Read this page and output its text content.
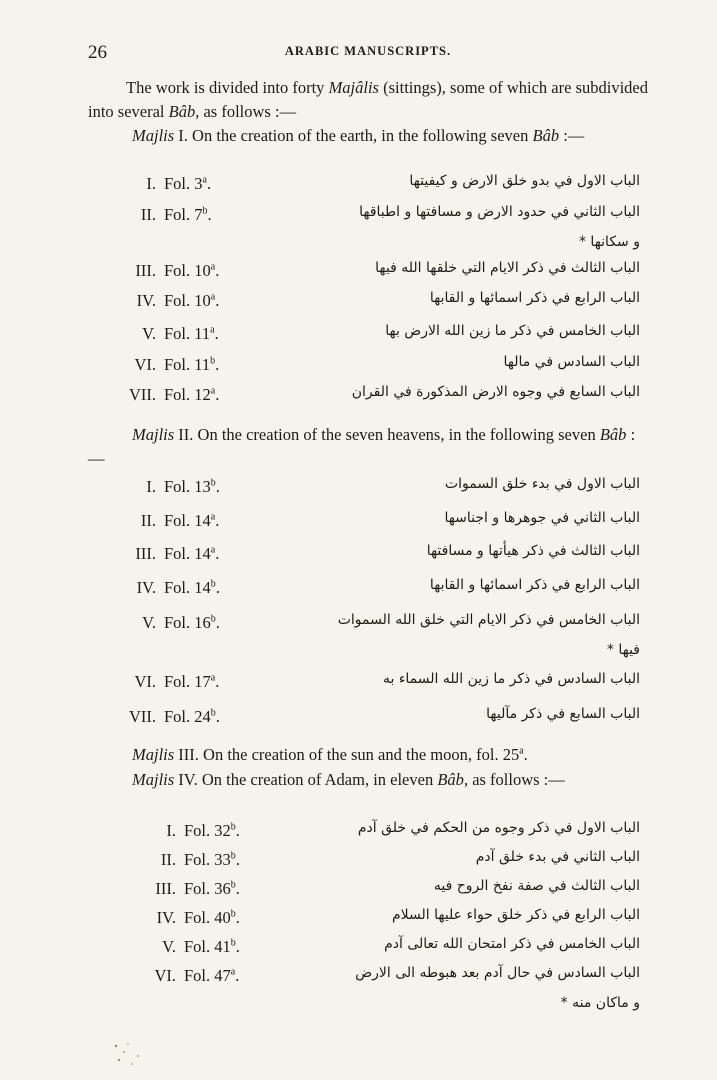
26	ARABIC MANUSCRIPTS.

The work is divided into forty Majâlis (sittings), some of which are subdivided into several Bâb, as follows :—

Majlis I. On the creation of the earth, in the following seven Bâb :—

I. Fol. 3$^a$.	الباب الاول في بدو خلق الارض و كيفيتها
II. Fol. 7$^b$.	الباب الثاني في حدود الارض و مسافتها و اطباقها
و سكانها *
III. Fol. 10$^a$.	الباب الثالث في ذكر الايام التي خلقها الله فيها
IV. Fol. 10$^a$.	الباب الرابع في ذكر اسمائها و القابها
V. Fol. 11$^a$.	الباب الخامس في ذكر ما زين الله الارض بها
VI. Fol. 11$^b$.	الباب السادس في مالها
VII. Fol. 12$^a$.	الباب السابع في وجوه الارض المذكورة في القران

Majlis II. On the creation of the seven heavens, in the following seven Bâb :—

I. Fol. 13$^b$.	الباب الاول في بدء خلق السموات
II. Fol. 14$^a$.	الباب الثاني في جوهرها و اجناسها
III. Fol. 14$^a$.	الباب الثالث في ذكر هيأتها و مسافتها
IV. Fol. 14$^b$.	الباب الرابع في ذكر اسمائها و القابها
V. Fol. 16$^b$.	الباب الخامس في ذكر الايام التي خلق الله السموات
فيها *
VI. Fol. 17$^a$.	الباب السادس في ذكر ما زين الله السماء به
VII. Fol. 24$^b$.	الباب السابع في ذكر مآليها

Majlis III. On the creation of the sun and the moon, fol. 25$^a$.

Majlis IV. On the creation of Adam, in eleven Bâb, as follows :—

I. Fol. 32$^b$.	الباب الاول في ذكر وجوه من الحكم في خلق آدم
II. Fol. 33$^b$.	الباب الثاني في بدء خلق آدم
III. Fol. 36$^b$.	الباب الثالث في صفة نفخ الروح فيه
IV. Fol. 40$^b$.	الباب الرابع في ذكر خلق حواء عليها السلام
V. Fol. 41$^b$.	الباب الخامس في ذكر امتحان الله تعالى آدم
VI. Fol. 47$^a$.	الباب السادس في حال آدم بعد هبوطه الى الارض
و ماكان منه *
